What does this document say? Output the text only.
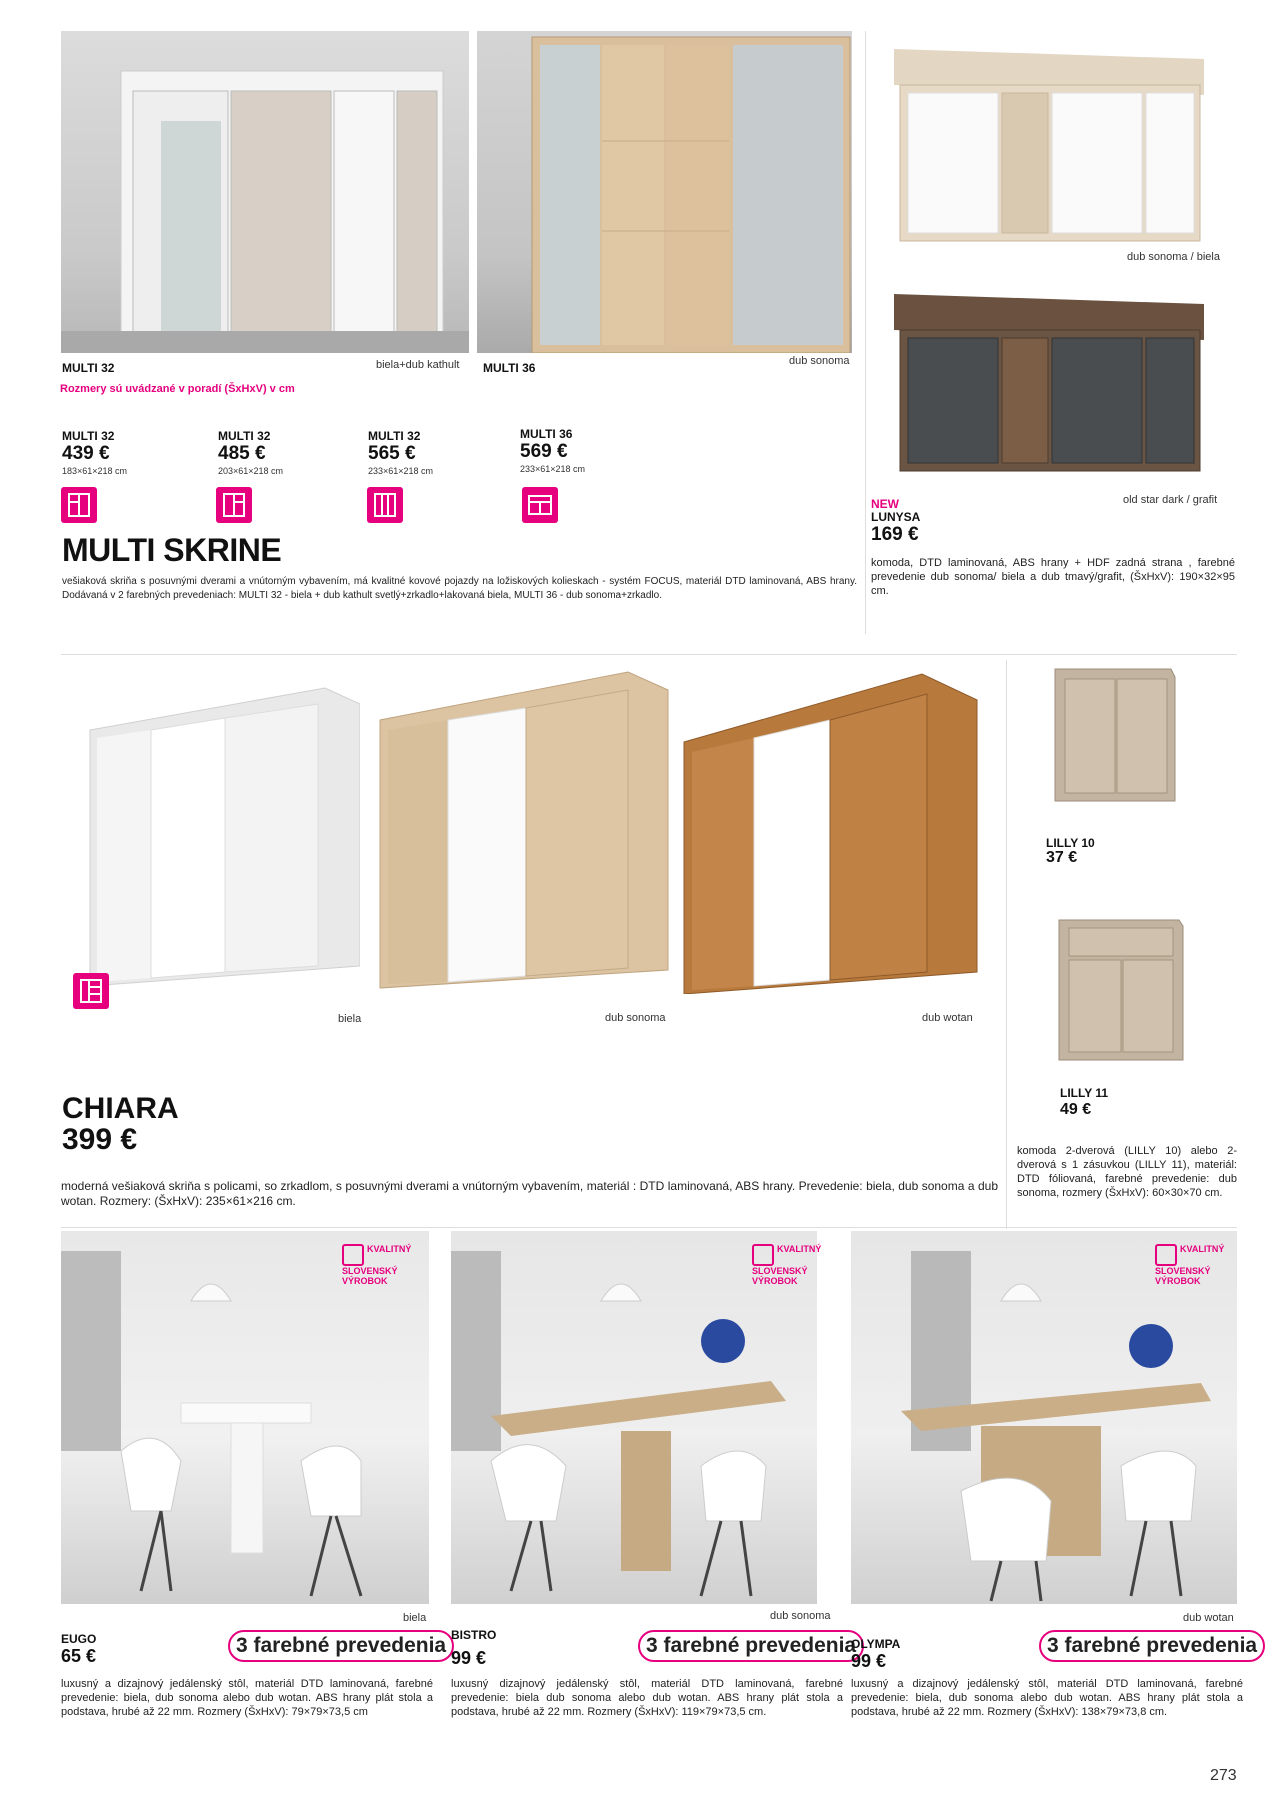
biela+dub kathult	dub sonoma
MULTI 32	MULTI 36
Rozmery sú uvádzané v poradí (ŠxHxV) v cm
MULTI 32
439 €
183×61×218 cm
MULTI 32
485 €
203×61×218 cm
MULTI 32
565 €
233×61×218 cm
MULTI 36
569 €
233×61×218 cm
MULTI SKRINE
vešiaková skriňa s posuvnými dverami a vnútorným vybavením, má kvalitné kovové pojazdy na ložiskových kolieskach - systém FOCUS, materiál DTD laminovaná, ABS hrany. Dodávaná v 2 farebných prevedeniach: MULTI 32 - biela + dub kathult svetlý+zrkadlo+lakovaná biela, MULTI 36 - dub sonoma+zrkadlo.
dub sonoma / biela
old star dark / grafit
NEW
LUNYSA
169 €
komoda, DTD laminovaná, ABS hrany + HDF zadná strana , farebné prevedenie dub sonoma/ biela a dub tmavý/grafit, (ŠxHxV): 190×32×95 cm.
biela	dub sonoma	dub wotan
CHIARA
399 €
moderná vešiaková skriňa s policami, so zrkadlom, s posuvnými dverami a vnútorným vybavením, materiál : DTD laminovaná, ABS hrany. Prevedenie: biela, dub sonoma a dub wotan. Rozmery: (ŠxHxV): 235×61×216 cm.
LILLY 10
37 €
LILLY 11
49 €
komoda 2-dverová (LILLY 10) alebo 2-dverová s 1 zásuvkou (LILLY 11), materiál: DTD fóliovaná, farebné prevedenie: dub sonoma, rozmery (ŠxHxV): 60×30×70 cm.
KVALITNÝ SLOVENSKÝ VÝROBOK
biela
EUGO
65 €	3 farebné prevedenia
luxusný a dizajnový jedálenský stôl, materiál DTD laminovaná, farebné prevedenie: biela, dub sonoma alebo dub wotan. ABS hrany plát stola a podstava, hrubé až 22 mm. Rozmery (ŠxHxV): 79×79×73,5 cm
KVALITNÝ SLOVENSKÝ VÝROBOK
dub sonoma
BISTRO
99 €
3 farebné prevedenia
luxusný dizajnový jedálenský stôl, materiál DTD laminovaná, farebné prevedenie: biela dub sonoma alebo dub wotan. ABS hrany plát stola a podstava, hrubé až 22 mm. Rozmery (ŠxHxV): 119×79×73,5 cm.
KVALITNÝ SLOVENSKÝ VÝROBOK
dub wotan
OLYMPA
99 €
3 farebné prevedenia
luxusný a dizajnový jedálenský stôl, materiál DTD laminovaná, farebné prevedenie: biela, dub sonoma alebo dub wotan. ABS hrany plát stola a podstava, hrubé až 22 mm. Rozmery (ŠxHxV): 138×79×73,8 cm.
273
